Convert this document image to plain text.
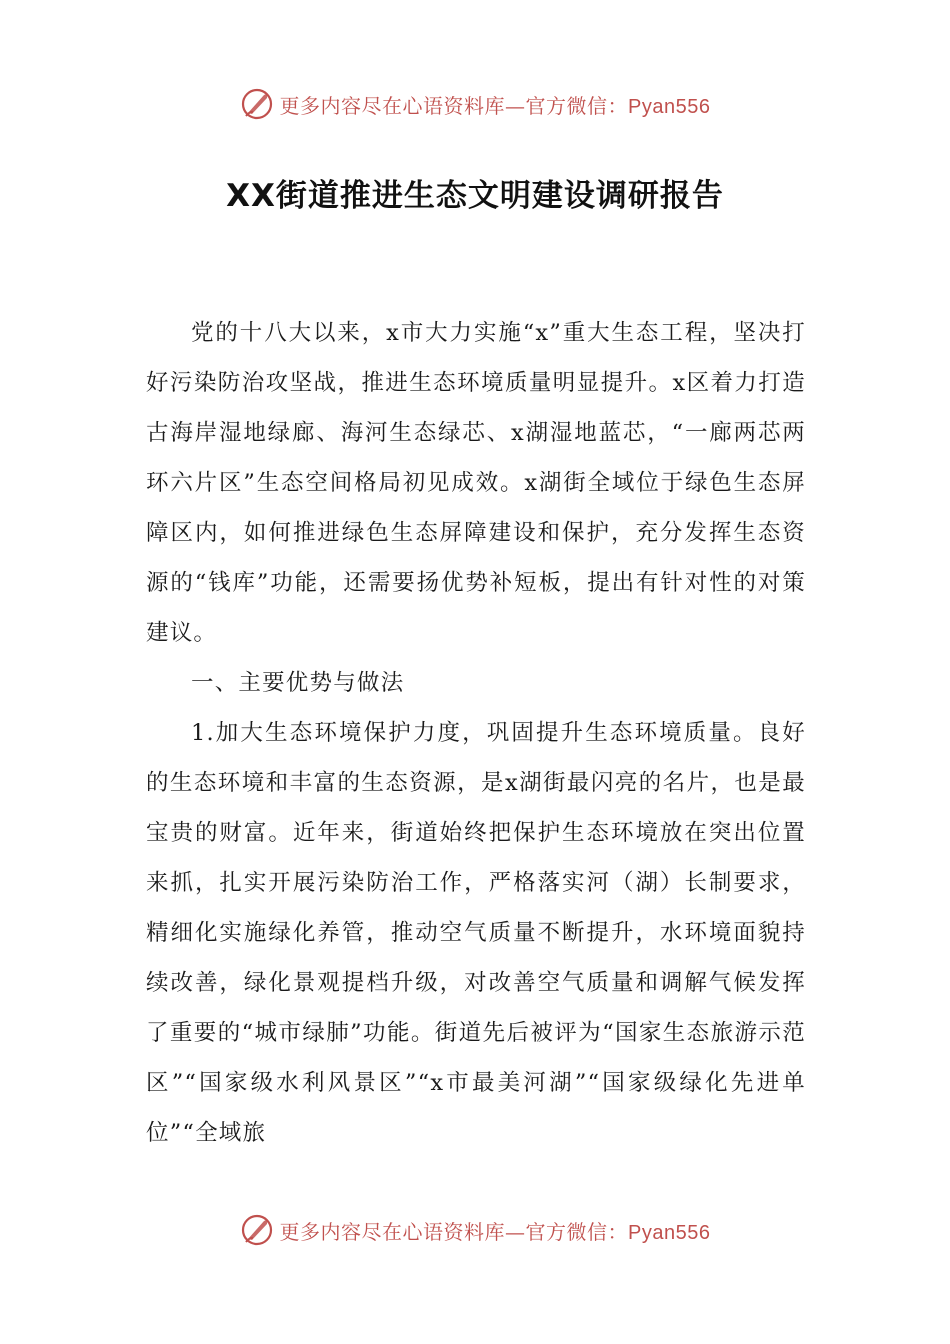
更多内容尽在心语资料库—官方微信：Pyan556
XX街道推进生态文明建设调研报告

党的十八大以来，x市大力实施“x”重大生态工程，坚决打好污染防治攻坚战，推进生态环境质量明显提升。x区着力打造古海岸湿地绿廊、海河生态绿芯、x湖湿地蓝芯，“一廊两芯两环六片区”生态空间格局初见成效。x湖街全域位于绿色生态屏障区内，如何推进绿色生态屏障建设和保护，充分发挥生态资源的“钱库”功能，还需要扬优势补短板，提出有针对性的对策建议。

一、主要优势与做法

1.加大生态环境保护力度，巩固提升生态环境质量。良好的生态环境和丰富的生态资源，是x湖街最闪亮的名片，也是最宝贵的财富。近年来，街道始终把保护生态环境放在突出位置来抓，扎实开展污染防治工作，严格落实河（湖）长制要求，精细化实施绿化养管，推动空气质量不断提升，水环境面貌持续改善，绿化景观提档升级，对改善空气质量和调解气候发挥了重要的“城市绿肺”功能。街道先后被评为“国家生态旅游示范区”“国家级水利风景区”“x市最美河湖”“国家级绿化先进单位”“全域旅

更多内容尽在心语资料库—官方微信：Pyan556
